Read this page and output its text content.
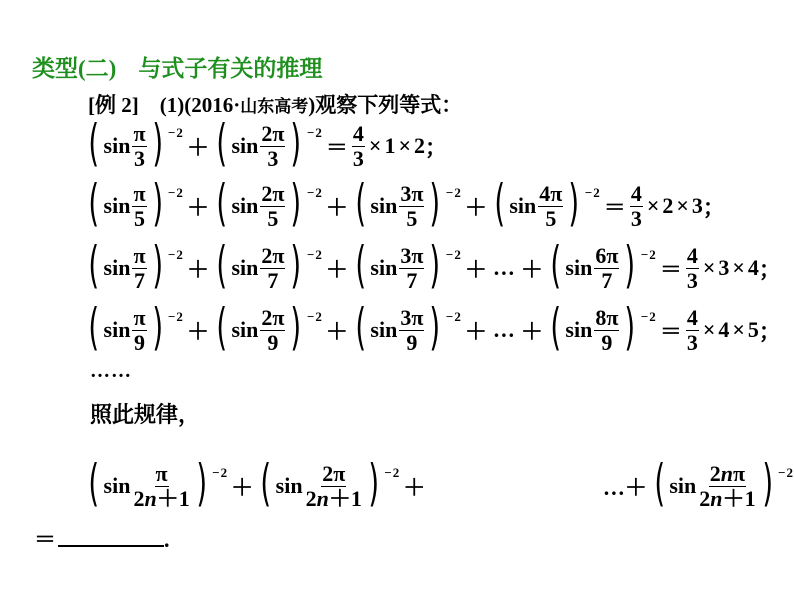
类型(二) 与式子有关的推理
[例 2] (1)(2016·山东高考)观察下列等式：
( $\sin \frac{\pi}{3}$ ) −2
＋ ( $\sin \frac{2\pi}{3}$ ) −2
＝ $\frac{4}{3} \times 1 \times 2$ ；
( $\sin \frac{\pi}{5}$ ) −2
＋ ( $\sin \frac{2\pi}{5}$ ) −2
＋ ( $\sin \frac{3\pi}{5}$ ) −2
＋ ( $\sin \frac{4\pi}{5}$ ) −2
＝ $\frac{4}{3} \times 2 \times 3$ ；
( $\sin \frac{\pi}{7}$ ) −2
＋ ( $\sin \frac{2\pi}{7}$ ) −2
＋ ( $\sin \frac{3\pi}{7}$ ) −2
＋ … ＋ ( $\sin \frac{6\pi}{7}$ ) −2
＝ $\frac{4}{3} \times 3 \times 4$ ；
( $\sin \frac{\pi}{9}$ ) −2
＋ ( $\sin \frac{2\pi}{9}$ ) −2
＋ ( $\sin \frac{3\pi}{9}$ ) −2
＋ … ＋ ( $\sin \frac{8\pi}{9}$ ) −2
＝ $\frac{4}{3} \times 4 \times 5$ ；
……
照此规律，
( $\sin \frac{\pi}{2n+1}$ ) −2
＋ ( $\sin \frac{2\pi}{2n+1}$ ) −2
＋	…＋ ( $\sin \frac{2n\pi}{2n+1}$ ) −2
＝	.
